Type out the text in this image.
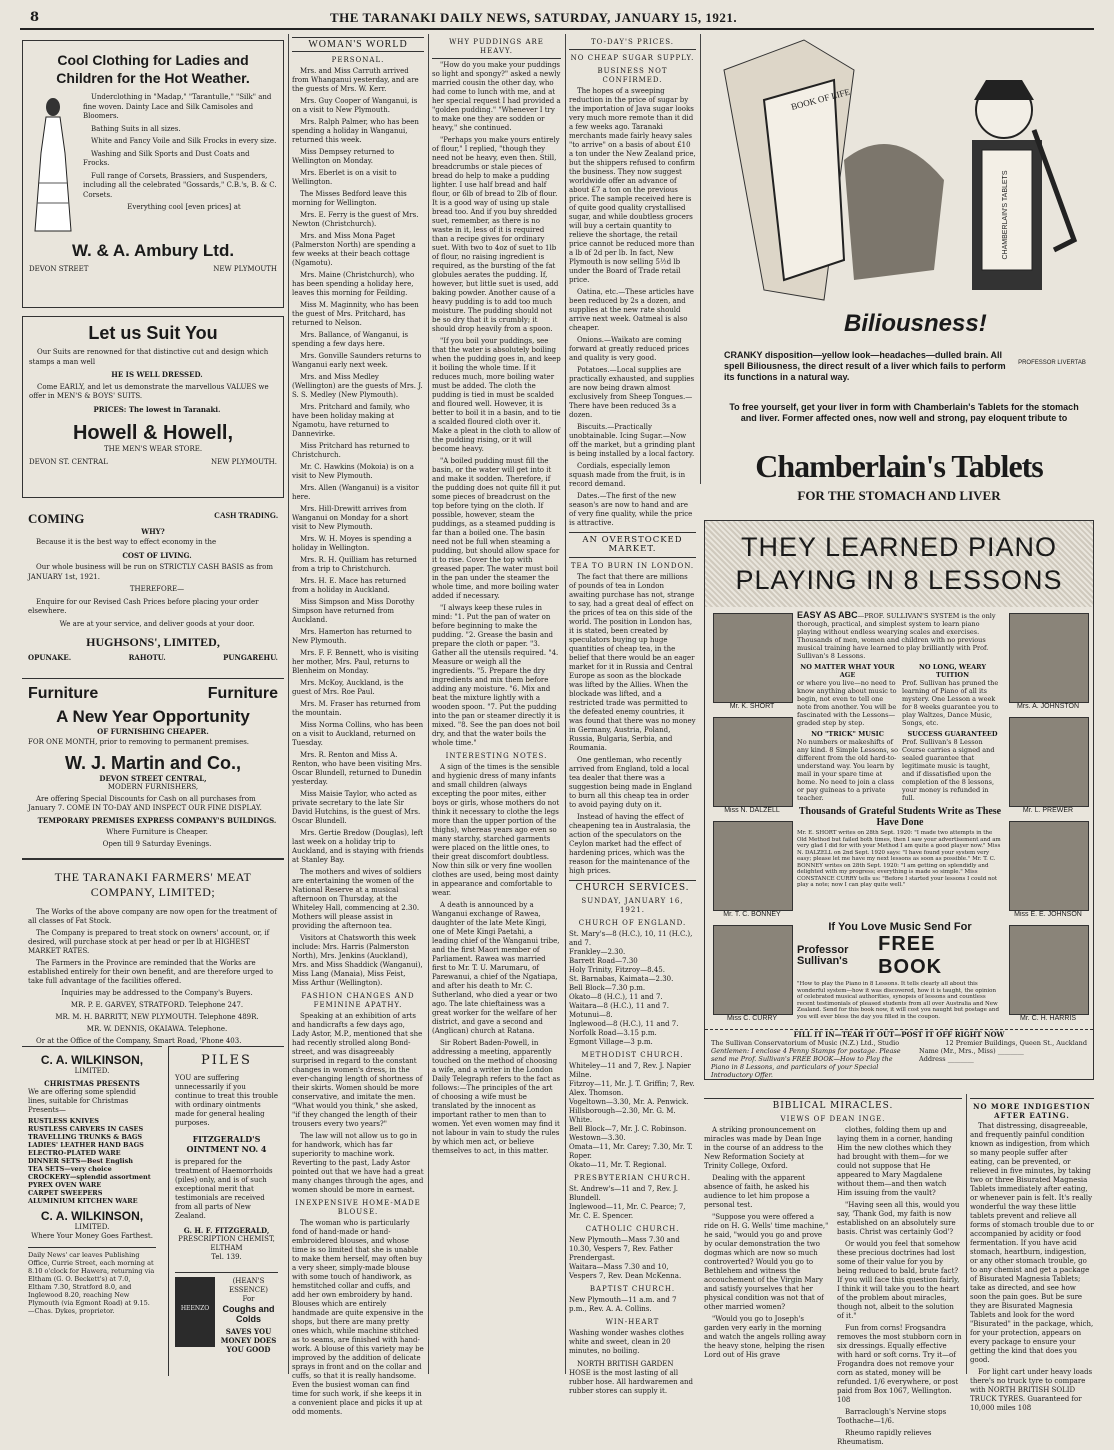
8	THE TARANAKI DAILY NEWS, SATURDAY, JANUARY 15, 1921.
Cool Clothing for Ladies and Children for the Hot Weather.

Underclothing in "Madap," "Tarantulle," "Silk" and fine woven. Dainty Lace and Silk Camisoles and Bloomers.

Bathing Suits in all sizes.

White and Fancy Voile and Silk Frocks in every size.

Washing and Silk Sports and Dust Coats and Frocks.

Full range of Corsets, Brassiers, and Suspenders, including all the celebrated "Gossards," C.B.'s, B. & C. Corsets.

Everything cool [even prices] at

W. & A. Ambury Ltd.
DEVON STREET	NEW PLYMOUTH
Let us Suit You

Our Suits are renowned for that distinctive cut and design which stamps a man well

HE IS WELL DRESSED.

Come EARLY, and let us demonstrate the marvellous VALUES we offer in MEN'S & BOYS' SUITS.

PRICES: The lowest in Taranaki.

Howell & Howell,
THE MEN'S WEAR STORE.
DEVON ST. CENTRAL	NEW PLYMOUTH.
COMING	CASH TRADING.
WHY?

Because it is the best way to effect economy in the

COST OF LIVING.

Our whole business will be run on STRICTLY CASH BASIS as from JANUARY 1st, 1921.

THEREFORE—

Enquire for our Revised Cash Prices before placing your order elsewhere.

We are at your service, and deliver goods at your door.

HUGHSONS', LIMITED,
OPUNAKE.	RAHOTU.	PUNGAREHU.
Furniture	Furniture
A New Year Opportunity
OF FURNISHING CHEAPER.
FOR ONE MONTH, prior to removing to permanent premises.
W. J. Martin and Co.,
DEVON STREET CENTRAL,
MODERN FURNISHERS,

Are offering Special Discounts for Cash on all purchases from January 7. COME IN TO-DAY AND INSPECT OUR FINE DISPLAY.

TEMPORARY PREMISES EXPRESS COMPANY'S BUILDINGS.

Where Furniture is Cheaper.

Open till 9 Saturday Evenings.

THE TARANAKI FARMERS' MEAT COMPANY, LIMITED;

The Works of the above company are now open for the treatment of all classes of Fat Stock.

The Company is prepared to treat stock on owners' account, or, if desired, will purchase stock at per head or per lb at HIGHEST MARKET RATES.

The Farmers in the Province are reminded that the Works are established entirely for their own benefit, and are therefore urged to take full advantage of the facilities offered.

Inquiries may be addressed to the Company's Buyers.

MR. P. E. GARVEY, STRATFORD. Telephone 247.

MR. M. H. BARRITT, NEW PLYMOUTH. Telephone 489R.

MR. W. DENNIS, OKAIAWA. Telephone.

Or at the Office of the Company, Smart Road, 'Phone 403.

C. A. WILKINSON,
LIMITED.
CHRISTMAS PRESENTS
We are offering some splendid lines, suitable for Christmas Presents—
RUSTLESS KNIVES
RUSTLESS CARVERS IN CASES
TRAVELLING TRUNKS & BAGS
LADIES' LEATHER HAND BAGS
ELECTRO-PLATED WARE
DINNER SETS—Best English
TEA SETS—very choice
CROCKERY—splendid assortment
PYREX OVEN WARE
CARPET SWEEPERS
ALUMINIUM KITCHEN WARE
C. A. WILKINSON,
LIMITED.
Where Your Money Goes Farthest.
Daily News' car leaves Publishing Office, Currie Street, each morning at 8.10 o'clock for Hawera, returning via Eltham (G. O. Beckett's) at 7.0, Eltham 7.30, Stratford 8.0, and Inglewood 8.20, reaching New Plymouth (via Egmont Road) at 9.15.—Chas. Dykes, proprietor.
PILES
YOU are suffering unnecessarily if you continue to treat this trouble with ordinary ointments made for general healing purposes.
FITZGERALD'S OINTMENT NO. 4
is prepared for the treatment of Haemorrhoids (piles) only, and is of such exceptional merit that testimonials are received from all parts of New Zealand.
G. H. F. FITZGERALD,
PRESCRIPTION CHEMIST,
ELTHAM
Tel. 139.
HEENZO
(HEAN'S ESSENCE)
For
Coughs and Colds
SAVES YOU MONEY DOES YOU GOOD
WOMAN'S WORLD
PERSONAL.

Mrs. and Miss Carruth arrived from Whanganui yesterday, and are the guests of Mrs. W. Kerr.

Mrs. Guy Cooper of Wanganui, is on a visit to New Plymouth.

Mrs. Ralph Palmer, who has been spending a holiday in Wanganui, returned this week.

Miss Dempsey returned to Wellington on Monday.

Mrs. Eberlet is on a visit to Wellington.

The Misses Bedford leave this morning for Wellington.

Mrs. E. Ferry is the guest of Mrs. Newton (Christchurch).

Mrs. and Miss Mona Paget (Palmerston North) are spending a few weeks at their beach cottage (Ngamotu).

Mrs. Maine (Christchurch), who has been spending a holiday here, leaves this morning for Feilding.

Miss M. Maginnity, who has been the guest of Mrs. Pritchard, has returned to Nelson.

Mrs. Ballance, of Wanganui, is spending a few days here.

Mrs. Gonville Saunders returns to Wanganui early next week.

Mrs. and Miss Medley (Wellington) are the guests of Mrs. J. S. S. Medley (New Plymouth).

Mrs. Pritchard and family, who have been holiday making at Ngamotu, have returned to Dannevirke.

Miss Pritchard has returned to Christchurch.

Mr. C. Hawkins (Mokoia) is on a visit to New Plymouth.

Mrs. Allen (Wanganui) is a visitor here.

Mrs. Hill-Drewitt arrives from Wanganui on Monday for a short visit to New Plymouth.

Mrs. W. H. Moyes is spending a holiday in Wellington.

Mrs. R. H. Quilliam has returned from a trip to Christchurch.

Mrs. H. E. Mace has returned from a holiday in Auckland.

Miss Simpson and Miss Dorothy Simpson have returned from Auckland.

Mrs. Hamerton has returned to New Plymouth.

Mrs. F. F. Bennett, who is visiting her mother, Mrs. Paul, returns to Blenheim on Monday.

Mrs. McKoy, Auckland, is the guest of Mrs. Roe Paul.

Mrs. M. Fraser has returned from the mountain.

Miss Norma Collins, who has been on a visit to Auckland, returned on Tuesday.

Mrs. R. Renton and Miss A. Renton, who have been visiting Mrs. Oscar Blundell, returned to Dunedin yesterday.

Miss Maisie Taylor, who acted as private secretary to the late Sir David Hutchins, is the guest of Mrs. Oscar Blundell.

Mrs. Gertie Bredow (Douglas), left last week on a holiday trip to Auckland, and is staying with friends at Stanley Bay.

The mothers and wives of soldiers are entertaining the women of the National Reserve at a musical afternoon on Thursday, at the Whiteley Hall, commencing at 2.30. Mothers will please assist in providing the afternoon tea.

Visitors at Chatsworth this week include: Mrs. Harris (Palmerston North), Mrs. Jenkins (Auckland), Mrs. and Miss Shaddick (Wanganui), Miss Lang (Manaia), Miss Feist, Miss Arthur (Wellington).

FASHION CHANGES AND FEMININE APATHY.

Speaking at an exhibition of arts and handicrafts a few days ago, Lady Astor, M.P., mentioned that she had recently strolled along Bond-street, and was disagreeably surprised in regard to the constant changes in women's dress, in the ever-changing length of shortness of their skirts. Women should be more conservative, and imitate the men. "What would you think," she asked, "if they changed the length of their trousers every two years?"

The law will not allow us to go in for handwork, which has far superiority to machine work. Reverting to the past, Lady Astor pointed out that we have had a great many changes through the ages, and women should be more in earnest.

INEXPENSIVE HOME-MADE BLOUSE.

The woman who is particularly fond of hand-made or hand-embroidered blouses, and whose time is so limited that she is unable to make them herself, may often buy a very sheer, simply-made blouse with some touch of handiwork, as hemstitched collar and cuffs, and add her own embroidery by hand. Blouses which are entirely handmade are quite expensive in the shops, but there are many pretty ones which, while machine stitched as to seams, are finished with hand-work. A blouse of this variety may be improved by the addition of delicate sprays in front and on the collar and cuffs, so that it is really handsome. Even the busiest woman can find time for such work, if she keeps it in a convenient place and picks it up at odd moments.

WHY PUDDINGS ARE HEAVY.

"How do you make your puddings so light and spongy?" asked a newly married cousin the other day, who had come to lunch with me, and at her special request I had provided a "golden pudding." "Whenever I try to make one they are sodden or heavy," she continued.

"Perhaps you make yours entirely of flour," I replied, "though they need not be heavy, even then. Still, breadcrumbs or stale pieces of bread do help to make a pudding lighter. I use half bread and half flour, or 6lb of bread to 2lb of flour. It is a good way of using up stale bread too. And if you buy shredded suet, remember, as there is no waste in it, less of it is required than a recipe gives for ordinary suet. With two to 4oz of suet to 1lb of flour, no raising ingredient is required, as the bursting of the fat globules aerates the pudding. If, however, but little suet is used, add baking powder. Another cause of a heavy pudding is to add too much moisture. The pudding should not be so dry that it is crumbly; it should drop heavily from a spoon.

"If you boil your puddings, see that the water is absolutely boiling when the pudding goes in, and keep it boiling the whole time. If it reduces much, more boiling water must be added. The cloth the pudding is tied in must be scalded and floured well. However, it is better to boil it in a basin, and to tie a scalded floured cloth over it. Make a pleat in the cloth to allow of the pudding rising, or it will become heavy.

"A boiled pudding must fill the basin, or the water will get into it and make it sodden. Therefore, if the pudding does not quite fill it put some pieces of breadcrust on the top before tying on the cloth. If possible, however, steam the puddings, as a steamed pudding is far than a boiled one. The basin need not be full when steaming a pudding, but should allow space for it to rise. Cover the top with greased paper. The water must boil in the pan under the steamer the whole time, and more boiling water added if necessary.

"I always keep these rules in mind: "1. Put the pan of water on before beginning to make the pudding. "2. Grease the basin and prepare the cloth or paper. "3. Gather all the utensils required. "4. Measure or weigh all the ingredients. "5. Prepare the dry ingredients and mix them before adding any moisture. "6. Mix and beat the mixture lightly with a wooden spoon. "7. Put the pudding into the pan or steamer directly it is mixed. "8. See the pan does not boil dry, and that the water boils the whole time."

INTERESTING NOTES.

A sign of the times is the sensible and hygienic dress of many infants and small children (always excepting the poor mites, either boys or girls, whose mothers do not think it necessary to clothe the legs more than the upper portion of the thighs), whereas years ago even so many starchy, starched garments were placed on the little ones, to their great discomfort doubtless. Now thin silk or very fine woollen clothes are used, being most dainty in appearance and comfortable to wear.

A death is announced by a Wanganui exchange of Rawea, daughter of the late Mete Kingi, one of Mete Kingi Paetahi, a leading chief of the Wanganui tribe, and the first Maori member of Parliament. Rawea was married first to Mr. T. U. Marumaru, of Parewanui, a chief of the Ngatiapa, and after his death to Mr. C. Sutherland, who died a year or two ago. The late chieftainess was a great worker for the welfare of her district, and gave a second and (Anglican) church at Ratana.

Sir Robert Baden-Powell, in addressing a meeting, apparently touched on the method of choosing a wife, and a writer in the London Daily Telegraph refers to the fact as follows:—The principles of the art of choosing a wife must be translated by the innocent as important rather to men than to women. Yet even women may find it not labour in vain to study the rules by which men act, or believe themselves to act, in this matter.

TO-DAY'S PRICES.
NO CHEAP SUGAR SUPPLY.
BUSINESS NOT CONFIRMED.

The hopes of a sweeping reduction in the price of sugar by the importation of Java sugar looks very much more remote than it did a few weeks ago. Taranaki merchants made fairly heavy sales "to arrive" on a basis of about £10 a ton under the New Zealand price, but the shippers refused to confirm the business. They now suggest worldwide offer an advance of about £7 a ton on the previous price. The sample received here is of quite good quality crystallised sugar, and while doubtless grocers will buy a certain quantity to relieve the shortage, the retail price cannot be reduced more than a lb of 2d per lb. In fact, New Plymouth is now selling 5½d lb under the Board of Trade retail price.

Oatina, etc.—These articles have been reduced by 2s a dozen, and supplies at the new rate should arrive next week. Oatmeal is also cheaper.

Onions.—Waikato are coming forward at greatly reduced prices and quality is very good.

Potatoes.—Local supplies are practically exhausted, and supplies are now being drawn almost exclusively from Sheep Tongues.—There have been reduced 3s a dozen.

Biscuits.—Practically unobtainable. Icing Sugar.—Now off the market, but a grinding plant is being installed by a local factory.

Cordials, especially lemon squash made from the fruit, is in record demand.

Dates.—The first of the new season's are now to hand and are of very fine quality, while the price is attractive.

AN OVERSTOCKED MARKET.
TEA TO BURN IN LONDON.

The fact that there are millions of pounds of tea in London awaiting purchase has not, strange to say, had a great deal of effect on the prices of tea on this side of the world. The position in London has, it is stated, been created by speculators buying up huge quantities of cheap tea, in the belief that there would be an eager market for it in Russia and Central Europe as soon as the blockade was lifted by the Allies. When the blockade was lifted, and a restricted trade was permitted to the defeated enemy countries, it was found that there was no money in Germany, Austria, Poland, Russia, Bulgaria, Serbia, and Roumania.

One gentleman, who recently arrived from England, told a local tea dealer that there was a suggestion being made in England to burn all this cheap tea in order to avoid paying duty on it.

Instead of having the effect of cheapening tea in Australasia, the action of the speculators on the Ceylon market had the effect of hardening prices, which was the reason for the maintenance of the high prices.

CHURCH SERVICES.
SUNDAY, JANUARY 16, 1921.
CHURCH OF ENGLAND.
St. Mary's—8 (H.C.), 10, 11 (H.C.), and 7.
Frankley—2.30.
Barrett Road—7.30
Holy Trinity, Fitzroy—8.45.
St. Barnabas, Kaimata—2.30.
Bell Block—7.30 p.m.
Okato—8 (H.C.), 11 and 7.
Waitara—8 (H.C.), 11 and 7.
Motunui—8.
Inglewood—8 (H.C.), 11 and 7.
Norfolk Road—3.15 p.m.
Egmont Village—3 p.m.
METHODIST CHURCH.
Whiteley—11 and 7, Rev. J. Napier Milne.
Fitzroy—11, Mr. J. T. Griffin; 7, Rev. Alex. Thomson.
Vogeltown—3.30, Mr. A. Penwick.
Hillsborough—2.30, Mr. G. M. White.
Bell Block—7, Mr. J. C. Robinson.
Westown—3.30.
Omata—11, Mr. Carey; 7.30, Mr. T. Roper.
Okato—11, Mr. T. Regional.
PRESBYTERIAN CHURCH.
St. Andrew's—11 and 7, Rev. J. Blundell.
Inglewood—11, Mr. C. Pearce; 7, Mr. C. E. Spencer.
CATHOLIC CHURCH.
New Plymouth—Mass 7.30 and 10.30, Vespers 7, Rev. Father Prendergast.
Waitara—Mass 7.30 and 10, Vespers 7, Rev. Dean McKenna.
BAPTIST CHURCH.
New Plymouth—11 a.m. and 7 p.m., Rev. A. A. Collins.
WIN-HEART
Washing wonder washes clothes white and sweet, clean in 20 minutes, no boiling.

NORTH BRITISH GARDEN HOSE is the most lasting of all rubber hose. All hardwaremen and rubber stores can supply it.

BOOK OF LIFE
CHAMBERLAIN'S TABLETS
Biliousness!
CRANKY disposition—yellow look—headaches—dulled brain. All spell Biliousness, the direct result of a liver which fails to perform its functions in a natural way.
PROFESSOR LIVERTAB
To free yourself, get your liver in form with Chamberlain's Tablets for the stomach and liver. Former affected ones, now well and strong, pay eloquent tribute to
Chamberlain's Tablets
FOR THE STOMACH AND LIVER
THEY LEARNED PIANO PLAYING IN 8 LESSONS
Mr. K. SHORT	Mrs. A. JOHNSTON
Miss N. DALZELL	Mr. L. PREWER
Mr. T. C. BONNEY	Miss E. E. JOHNSON
Miss C. CURRY	Mr. C. H. HARRIS
EASY AS ABC—PROF. SULLIVAN'S SYSTEM is the only thorough, practical, and simplest system to learn piano playing without endless wearying scales and exercises. Thousands of men, women and children with no previous musical training have learned to play brilliantly with Prof. Sullivan's 8 Lessons.
NO MATTER WHAT YOUR AGE
or where you live—no need to know anything about music to begin, not even to tell one note from another. You will be fascinated with the Lessons—graded step by step.
NO LONG, WEARY TUITION
Prof. Sullivan has pruned the learning of Piano of all its mystery. One Lesson a week for 8 weeks guarantee you to play Waltzes, Dance Music, Songs, etc.
NO "TRICK" MUSIC
No numbers or makeshifts of any kind. 8 Simple Lessons, so different from the old hard-to-understand way. You learn by mail in your spare time at home. No need to join a class or pay guineas to a private teacher.
SUCCESS GUARANTEED
Prof. Sullivan's 8 Lesson Course carries a signed and sealed guarantee that legitimate music is taught, and if dissatisfied upon the completion of the 8 lessons, your money is refunded in full.
Thousands of Grateful Students Write as These Have Done
Mr. E. SHORT writes on 28th Sept. 1920: "I made two attempts in the Old Method but failed both times, then I saw your advertisement and am very glad I did for with your Method I am quite a good player now." Miss N. DALZELL on 2nd Sept. 1920 says: "I have found your system very easy; please let me have my next lessons as soon as possible." Mr. T. C. BONNEY writes on 28th Sept. 1920: "I am getting on splendidly and delighted with my progress; everything is made so simple." Miss CONSTANCE CURRY tells us: "Before I started your lessons I could not play a note; now I can play quite well."
If You Love Music Send For
Professor Sullivan's
FREE BOOK
"How to play the Piano in 8 Lessons. It tells clearly all about this wonderful system—how it was discovered, how it is taught, the opinion of celebrated musical authorities, synopsis of lessons and countless recent testimonials of pleased students from all over Australia and New Zealand. Send for this book now, it will cost you naught but postage and you will ever bless the day you filled in the coupon.
FILL IT IN—TEAR IT OUT—POST IT OFF RIGHT NOW
The Sullivan Conservatorium of Music (N.Z.) Ltd., Studio	12 Premier Buildings, Queen St., Auckland
Gentlemen: I enclose 4 Penny Stamps for postage. Please send me Prof. Sullivan's FREE BOOK—How to Play the Piano in 8 Lessons, and particulars of your Special Introductory Offer.
Name (Mr., Mrs., Miss) ________
Address ________
BIBLICAL MIRACLES.
VIEWS OF DEAN INGE.

A striking pronouncement on miracles was made by Dean Inge in the course of an address to the New Reformation Society at Trinity College, Oxford.

Dealing with the apparent absence of faith, he asked his audience to let him propose a personal test.

"Suppose you were offered a ride on H. G. Wells' time machine," he said, "would you go and prove by ocular demonstration the two dogmas which are now so much controverted? Would you go to Bethlehem and witness the accouchement of the Virgin Mary and satisfy yourselves that her physical condition was not that of other married women?

"Would you go to Joseph's garden very early in the morning and watch the angels rolling away the heavy stone, helping the risen Lord out of His grave

clothes, folding them up and laying them in a corner, handing Him the new clothes which they had brought with them—for we could not suppose that He appeared to Mary Magdalene without them—and then watch Him issuing from the vault?

"Having seen all this, would you say, 'Thank God, my faith is now established on an absolutely sure basis. Christ was certainly God'?

Or would you feel that somehow these precious doctrines had lost some of their value for you by being reduced to bald, brute fact? If you will face this question fairly, I think it will take you to the heart of the problem about miracles, though not, albeit to the solution of it."

Fun from corns! Frogsandra removes the most stubborn corn in six dressings. Equally effective with hard or soft corns. Try it—of Frogandra does not remove your corn as stated, money will be refunded. 1/6 everywhere, or post paid from Box 1067, Wellington. 108

Barraclough's Nervine stops Toothache—1/6.

Rheumo rapidly relieves Rheumatism.

NO MORE INDIGESTION AFTER EATING.

That distressing, disagreeable, and frequently painful condition known as indigestion, from which so many people suffer after eating, can be prevented, or relieved in five minutes, by taking two or three Bisurated Magnesia Tablets immediately after eating, or whenever pain is felt. It's really wonderful the way these little tablets prevent and relieve all forms of stomach trouble due to or accompanied by acidity or food fermentation. If you have acid stomach, heartburn, indigestion, or any other stomach trouble, go to any chemist and get a package of Bisurated Magnesia Tablets; take as directed, and see how soon the pain goes. But be sure they are Bisurated Magnesia Tablets and look for the word "Bisurated" in the package, which, for your protection, appears on every package to ensure your getting the kind that does you good.

For light cart under heavy loads there's no truck tyre to compare with NORTH BRITISH SOLID TRUCK TYRES. Guaranteed for 10,000 miles 108
